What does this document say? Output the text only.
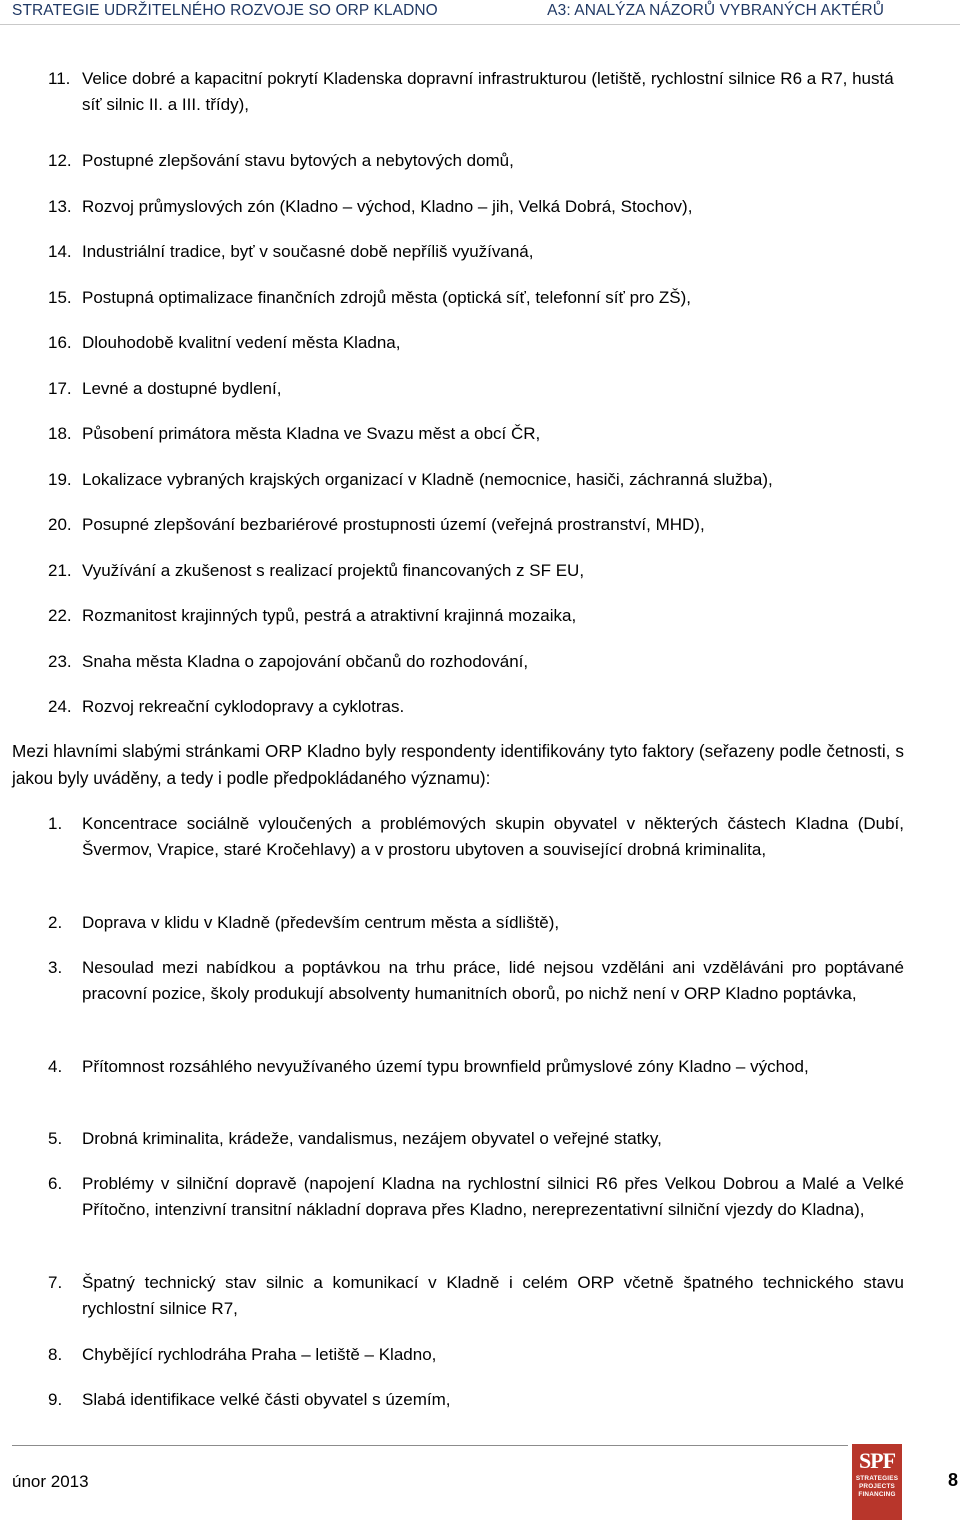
STRATEGIE UDRŽITELNÉHO ROZVOJE SO ORP KLADNO	A3: ANALÝZA NÁZORŮ VYBRANÝCH AKTÉRŮ
11. Velice dobré a kapacitní pokrytí Kladenska dopravní infrastrukturou (letiště, rychlostní silnice R6 a R7, hustá síť silnic II. a III. třídy),
12. Postupné zlepšování stavu bytových a nebytových domů,
13. Rozvoj průmyslových zón (Kladno – východ, Kladno – jih, Velká Dobrá, Stochov),
14. Industriální tradice, byť v současné době nepříliš využívaná,
15. Postupná optimalizace finančních zdrojů města (optická síť, telefonní síť pro ZŠ),
16. Dlouhodobě kvalitní vedení města Kladna,
17. Levné a dostupné bydlení,
18. Působení primátora města Kladna ve Svazu měst a obcí ČR,
19. Lokalizace vybraných krajských organizací v Kladně (nemocnice, hasiči, záchranná služba),
20. Posupné zlepšování bezbariérové prostupnosti území (veřejná prostranství, MHD),
21. Využívání a zkušenost s realizací projektů financovaných z SF EU,
22. Rozmanitost krajinných typů, pestrá a atraktivní krajinná mozaika,
23. Snaha města Kladna o zapojování občanů do rozhodování,
24. Rozvoj rekreační cyklodopravy a cyklotras.

Mezi hlavními slabými stránkami ORP Kladno byly respondenty identifikovány tyto faktory (seřazeny podle četnosti, s jakou byly uváděny, a tedy i podle předpokládaného významu):

1. Koncentrace sociálně vyloučených a problémových skupin obyvatel v některých částech Kladna (Dubí, Švermov, Vrapice, staré Kročehlavy) a v prostoru ubytoven a související drobná kriminalita,
2. Doprava v klidu v Kladně (především centrum města a sídliště),
3. Nesoulad mezi nabídkou a poptávkou na trhu práce, lidé nejsou vzděláni ani vzděláváni pro poptávané pracovní pozice, školy produkují absolventy humanitních oborů, po nichž není v ORP Kladno poptávka,
4. Přítomnost rozsáhlého nevyužívaného území typu brownfield průmyslové zóny Kladno – východ,
5. Drobná kriminalita, krádeže, vandalismus, nezájem obyvatel o veřejné statky,
6. Problémy v silniční dopravě (napojení Kladna na rychlostní silnici R6 přes Velkou Dobrou a Malé a Velké Přítočno, intenzivní transitní nákladní doprava přes Kladno, nereprezentativní silniční vjezdy do Kladna),
7. Špatný technický stav silnic a komunikací v Kladně i celém ORP včetně špatného technického stavu rychlostní silnice R7,
8. Chybějící rychlodráha Praha – letiště – Kladno,
9. Slabá identifikace velké části obyvatel s územím,
únor 2013
SPF
STRATEGIES
PROJECTS
FINANCING
8
